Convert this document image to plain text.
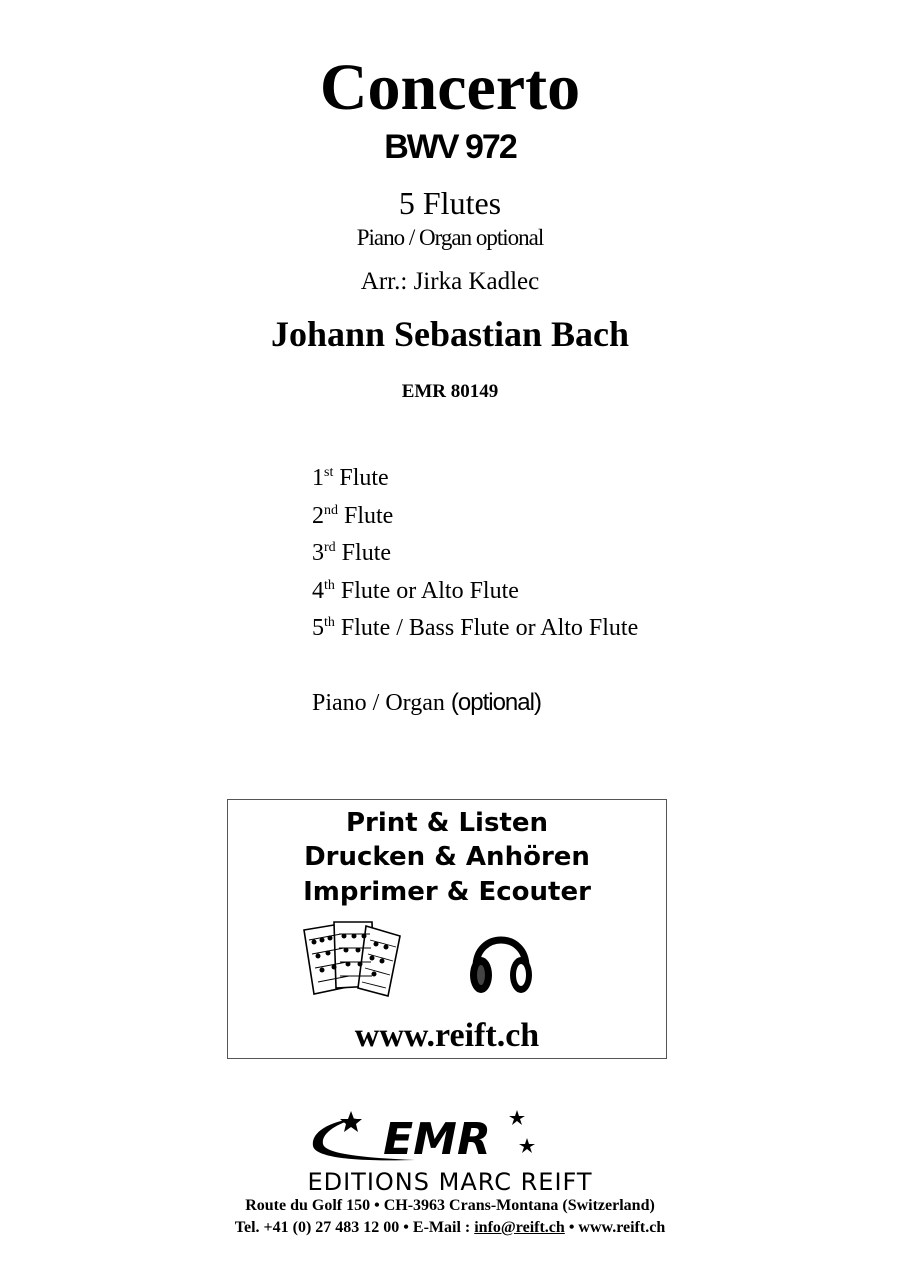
Concerto
BWV 972
5 Flutes
Piano / Organ optional
Arr.: Jirka Kadlec
Johann Sebastian Bach
EMR 80149
1st Flute
2nd Flute
3rd Flute
4th Flute or Alto Flute
5th Flute / Bass Flute or Alto Flute
Piano / Organ (optional)
Print & Listen
Drucken & Anhören
Imprimer & Ecouter
www.reift.ch
EMR
EDITIONS MARC REIFT
Route du Golf 150 • CH-3963 Crans-Montana (Switzerland)
Tel. +41 (0) 27 483 12 00 • E-Mail : info@reift.ch • www.reift.ch
